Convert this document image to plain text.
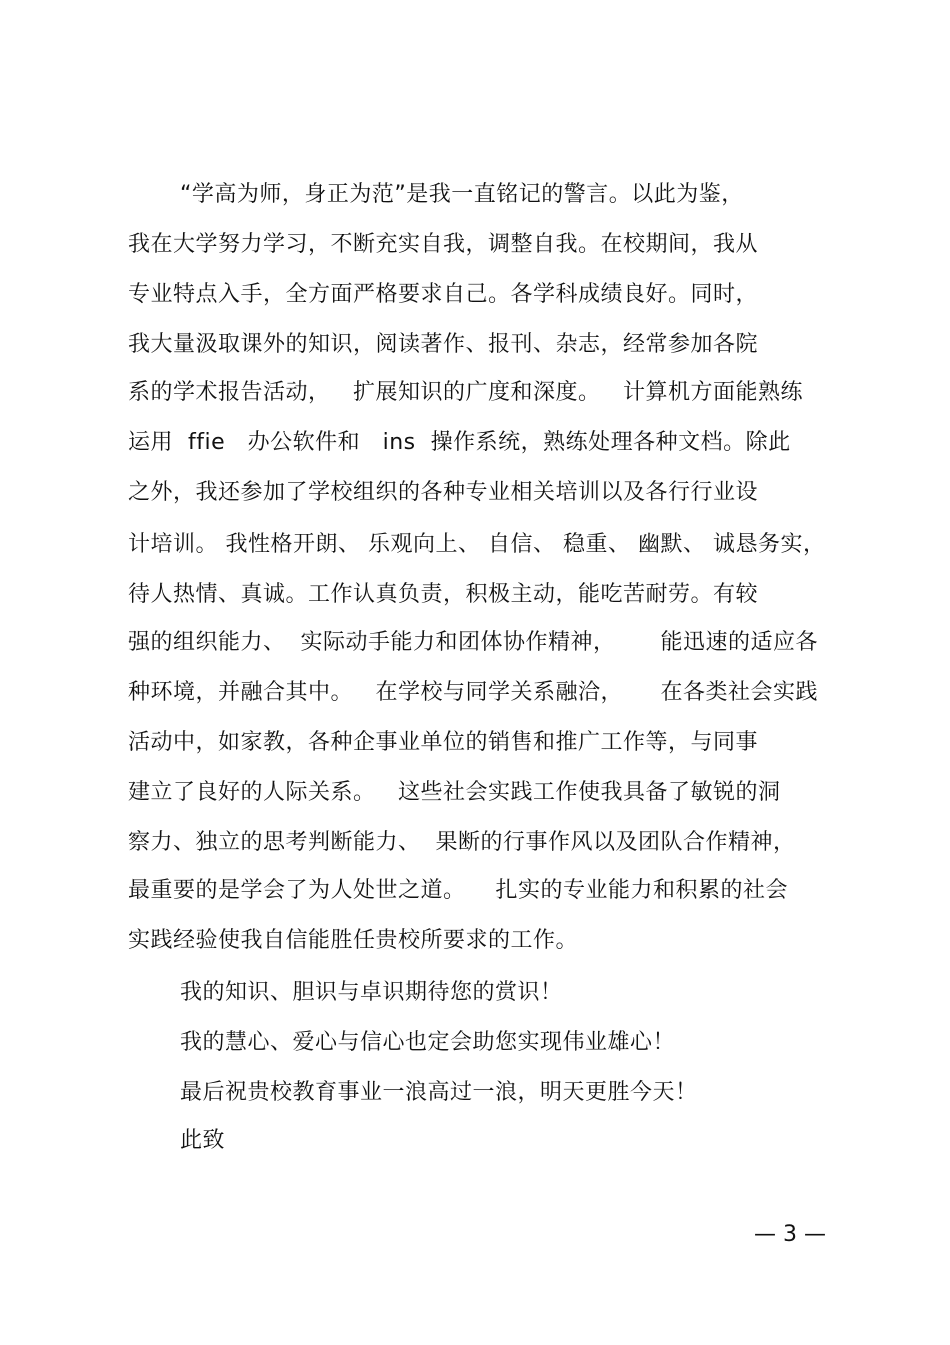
“学高为师，身正为范”是我一直铭记的警言。以此为鉴，
我在大学努力学习，不断充实自我，调整自我。在校期间，我从
专业特点入手，全方面严格要求自己。各学科成绩良好。同时，
我大量汲取课外的知识，阅读著作、报刊、杂志，经常参加各院
系的学术报告活动，   扩展知识的广度和深度。   计算机方面能熟练
运用  ffie   办公软件和   ins  操作系统，熟练处理各种文档。除此
之外，我还参加了学校组织的各种专业相关培训以及各行行业设
计培训。 我性格开朗、 乐观向上、 自信、 稳重、 幽默、 诚恳务实，
待人热情、真诚。工作认真负责，积极主动，能吃苦耐劳。有较
强的组织能力、  实际动手能力和团体协作精神，      能迅速的适应各
种环境，并融合其中。   在学校与同学关系融洽，     在各类社会实践
活动中，如家教，各种企事业单位的销售和推广工作等，与同事
建立了良好的人际关系。   这些社会实践工作使我具备了敏锐的洞
察力、独立的思考判断能力、  果断的行事作风以及团队合作精神，
最重要的是学会了为人处世之道。    扎实的专业能力和积累的社会
实践经验使我自信能胜任贵校所要求的工作。
我的知识、胆识与卓识期待您的赏识！
我的慧心、爱心与信心也定会助您实现伟业雄心！
最后祝贵校教育事业一浪高过一浪，明天更胜今天！
此致
— 3 —
